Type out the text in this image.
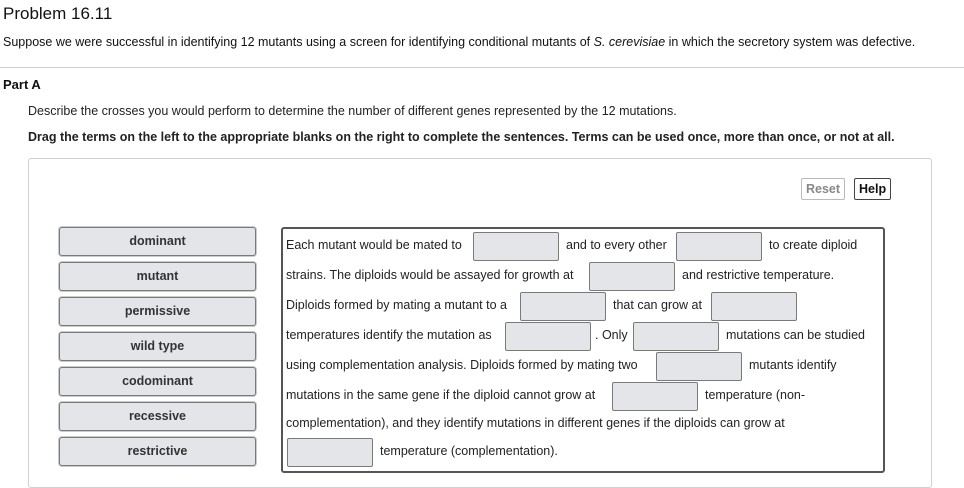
Problem 16.11
Suppose we were successful in identifying 12 mutants using a screen for identifying conditional mutants of S. cerevisiae in which the secretory system was defective.
Part A
Describe the crosses you would perform to determine the number of different genes represented by the 12 mutations.
Drag the terms on the left to the appropriate blanks on the right to complete the sentences. Terms can be used once, more than once, or not at all.
Reset	Help
dominant
mutant
permissive
wild type
codominant
recessive
restrictive
Each mutant would be mated to	and to every other	to create diploid
strains. The diploids would be assayed for growth at	and restrictive temperature.
Diploids formed by mating a mutant to a	that can grow at
temperatures identify the mutation as	. Only	mutations can be studied
using complementation analysis. Diploids formed by mating two	mutants identify
mutations in the same gene if the diploid cannot grow at	temperature (non-
complementation), and they identify mutations in different genes if the diploids can grow at
temperature (complementation).
